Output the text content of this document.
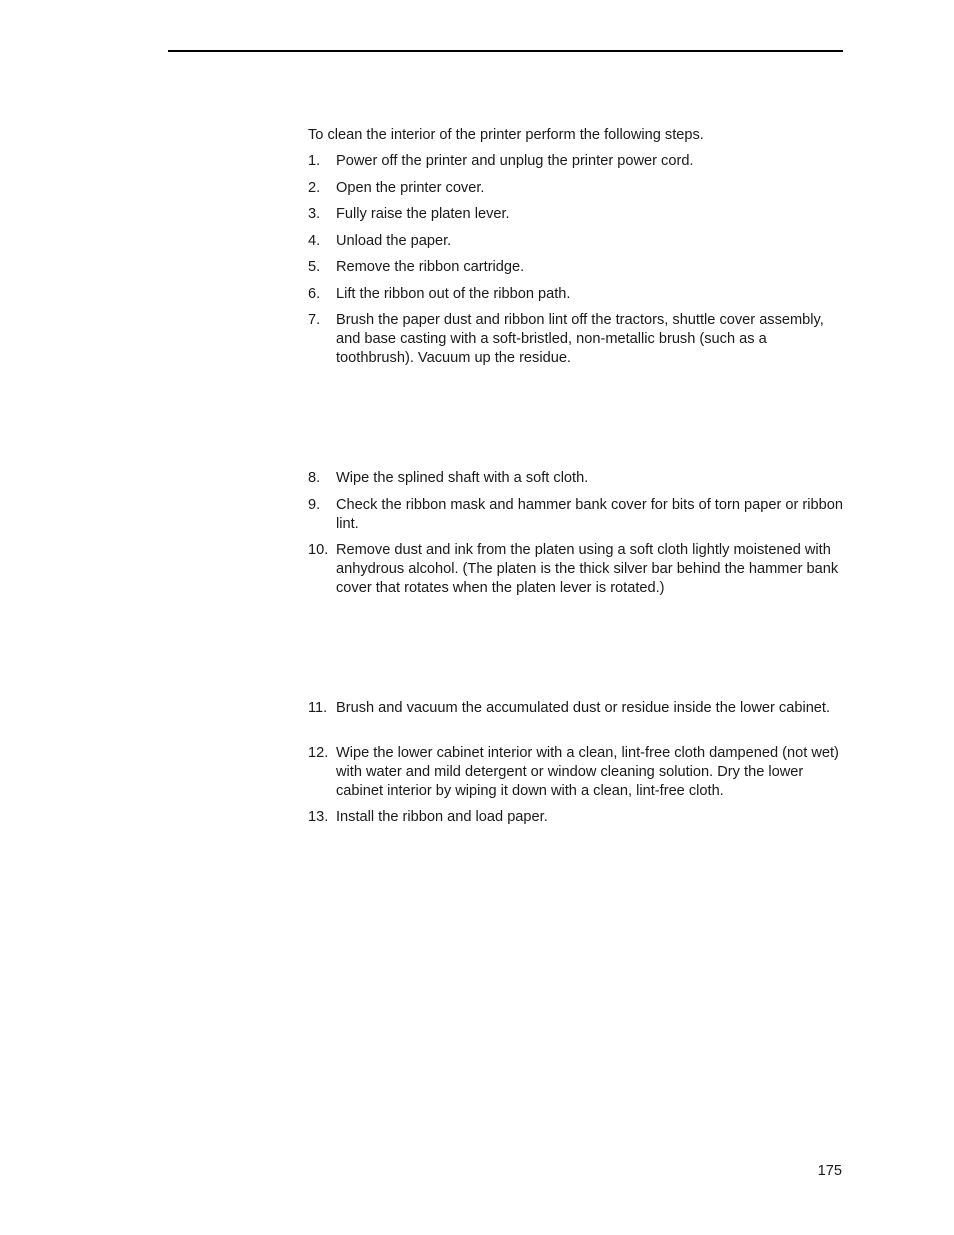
To clean the interior of the printer perform the following steps.
1. Power off the printer and unplug the printer power cord.
2. Open the printer cover.
3. Fully raise the platen lever.
4. Unload the paper.
5. Remove the ribbon cartridge.
6. Lift the ribbon out of the ribbon path.
7. Brush the paper dust and ribbon lint off the tractors, shuttle cover assembly, and base casting with a soft-bristled, non-metallic brush (such as a toothbrush). Vacuum up the residue.
8. Wipe the splined shaft with a soft cloth.
9. Check the ribbon mask and hammer bank cover for bits of torn paper or ribbon lint.
10. Remove dust and ink from the platen using a soft cloth lightly moistened with anhydrous alcohol. (The platen is the thick silver bar behind the hammer bank cover that rotates when the platen lever is rotated.)
11. Brush and vacuum the accumulated dust or residue inside the lower cabinet.
12. Wipe the lower cabinet interior with a clean, lint-free cloth dampened (not wet) with water and mild detergent or window cleaning solution. Dry the lower cabinet interior by wiping it down with a clean, lint-free cloth.
13. Install the ribbon and load paper.
175
